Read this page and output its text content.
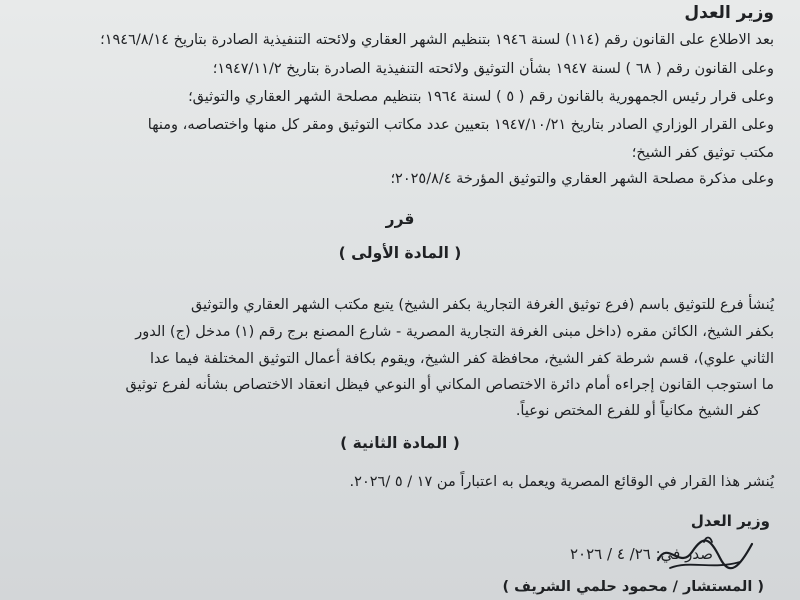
وزير العدل
بعد الاطلاع على القانون رقم (١١٤) لسنة ١٩٤٦ بتنظيم الشهر العقاري ولائحته التنفيذية الصادرة بتاريخ ١٩٤٦/٨/١٤؛
وعلى القانون رقم ( ٦٨ ) لسنة ١٩٤٧ بشأن التوثيق ولائحته التنفيذية الصادرة بتاريخ ١٩٤٧/١١/٢؛
وعلى قرار رئيس الجمهورية بالقانون رقم ( ٥ ) لسنة ١٩٦٤ بتنظيم مصلحة الشهر العقاري والتوثيق؛
وعلى القرار الوزاري الصادر بتاريخ ١٩٤٧/١٠/٢١ بتعيين عدد مكاتب التوثيق ومقر كل منها واختصاصه، ومنها
مكتب توثيق كفر الشيخ؛
وعلى مذكرة مصلحة الشهر العقاري والتوثيق المؤرخة ٢٠٢٥/٨/٤؛
قرر
( المادة الأولى )
يُنشأ فرع للتوثيق باسم (فرع توثيق الغرفة التجارية بكفر الشيخ) يتبع مكتب الشهر العقاري والتوثيق
بكفر الشيخ، الكائن مقره (داخل مبنى الغرفة التجارية المصرية - شارع المصنع برج رقم (١) مدخل (ج) الدور
الثاني علوي)، قسم شرطة كفر الشيخ، محافظة كفر الشيخ، ويقوم بكافة أعمال التوثيق المختلفة فيما عدا
ما استوجب القانون إجراءه أمام دائرة الاختصاص المكاني أو النوعي فيظل انعقاد الاختصاص بشأنه لفرع توثيق
كفر الشيخ مكانياً أو للفرع المختص نوعياً.
( المادة الثانية )
يُنشر هذا القرار في الوقائع المصرية ويعمل به اعتباراً من ١٧ / ٥ /٢٠٢٦.
وزير العدل
( المستشار / محمود حلمي الشريف )
صدر في: ٢٦/ ٤ / ٢٠٢٦
